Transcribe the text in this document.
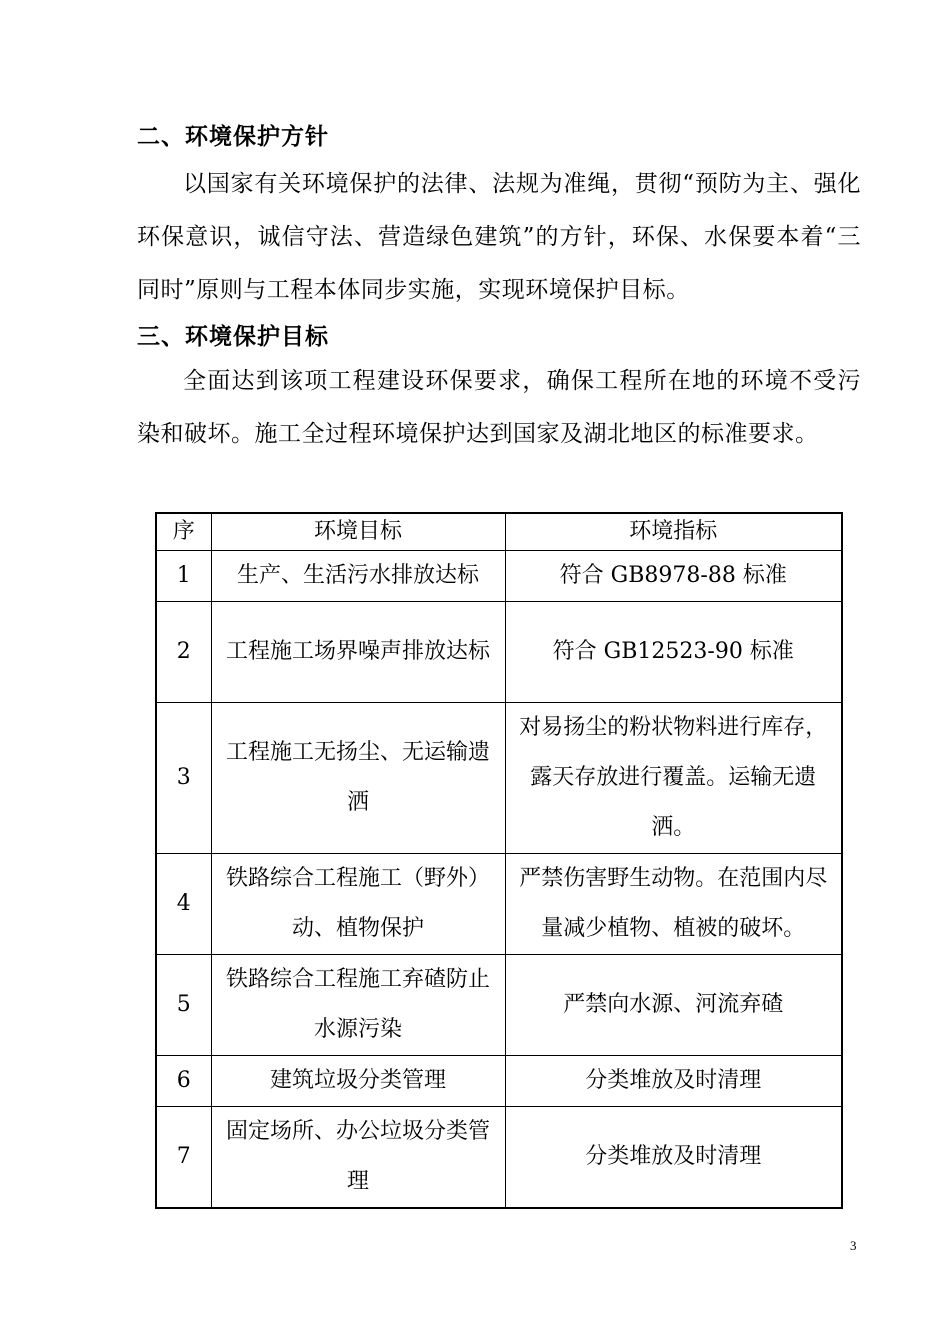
二、环境保护方针

以国家有关环境保护的法律、法规为准绳，贯彻“预防为主、强化环保意识，诚信守法、营造绿色建筑”的方针，环保、水保要本着“三同时”原则与工程本体同步实施，实现环境保护目标。

三、环境保护目标

全面达到该项工程建设环保要求，确保工程所在地的环境不受污染和破坏。施工全过程环境保护达到国家及湖北地区的标准要求。

序	环境目标	环境指标
1	生产、生活污水排放达标	符合 GB8978-88 标准
2	工程施工场界噪声排放达标	符合 GB12523-90 标准
3	工程施工无扬尘、无运输遗洒	对易扬尘的粉状物料进行库存，露天存放进行覆盖。运输无遗洒。
4	铁路综合工程施工（野外）动、植物保护	严禁伤害野生动物。在范围内尽量减少植物、植被的破坏。
5	铁路综合工程施工弃碴防止水源污染	严禁向水源、河流弃碴
6	建筑垃圾分类管理	分类堆放及时清理
7	固定场所、办公垃圾分类管理	分类堆放及时清理
3
